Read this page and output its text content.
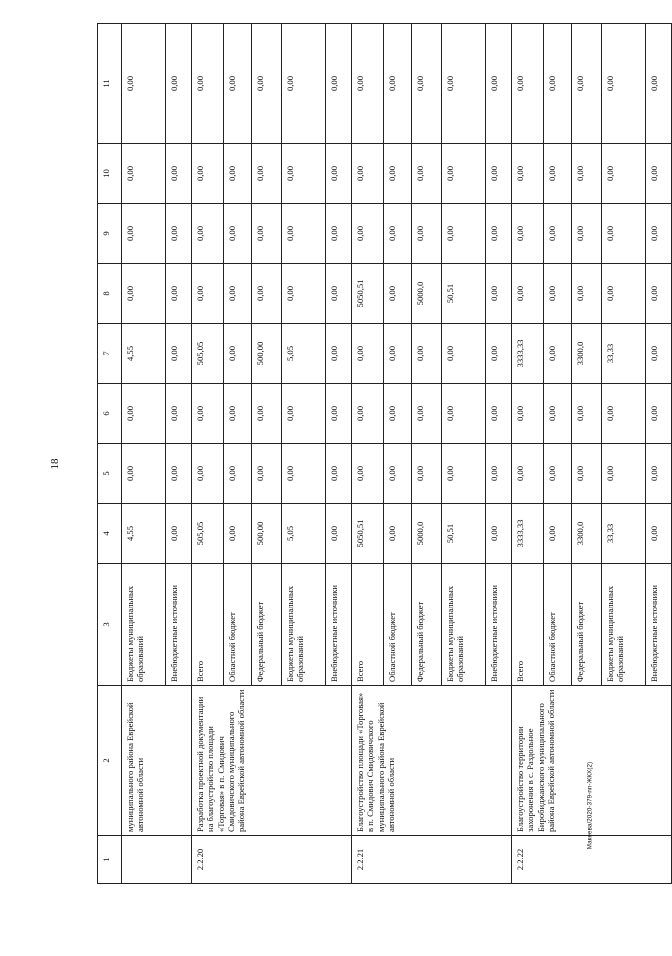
18
1	2	3	4	5	6	7	8	9	10	11
	муниципального района Еврейской автономной области	Бюджеты муниципальных образований	4,55	0,00	0,00	4,55	0,00	0,00	0,00	0,00
		Внебюджетные источники	0,00	0,00	0,00	0,00	0,00	0,00	0,00	0,00
2.2.20	Разработка проектной документации на благоустройство площади «Торговая» в п. Смидович Смидовичского муниципального района Еврейской автономной области	Всего	505,05	0,00	0,00	505,05	0,00	0,00	0,00	0,00
		Областной бюджет	0,00	0,00	0,00	0,00	0,00	0,00	0,00	0,00
		Федеральный бюджет	500,00	0,00	0,00	500,00	0,00	0,00	0,00	0,00
		Бюджеты муниципальных образований	5,05	0,00	0,00	5,05	0,00	0,00	0,00	0,00
		Внебюджетные источники	0,00	0,00	0,00	0,00	0,00	0,00	0,00	0,00
2.2.21	Благоустройство площади «Торговая» в п. Смидович Смидовичского муниципального района Еврейской автономной области	Всего	5050,51	0,00	0,00	0,00	5050,51	0,00	0,00	0,00
		Областной бюджет	0,00	0,00	0,00	0,00	0,00	0,00	0,00	0,00
		Федеральный бюджет	5000,0	0,00	0,00	0,00	5000,0	0,00	0,00	0,00
		Бюджеты муниципальных образований	50,51	0,00	0,00	0,00	50,51	0,00	0,00	0,00
		Внебюджетные источники	0,00	0,00	0,00	0,00	0,00	0,00	0,00	0,00
2.2.22	Благоустройство территории захоронения в с. Раздольное Биробиджанского муниципального района Еврейской автономной области	Всего	3333,33	0,00	0,00	3333,33	0,00	0,00	0,00	0,00
		Областной бюджет	0,00	0,00	0,00	0,00	0,00	0,00	0,00	0,00
		Федеральный бюджет	3300,0	0,00	0,00	3300,0	0,00	0,00	0,00	0,00
		Бюджеты муниципальных образований	33,33	0,00	0,00	33,33	0,00	0,00	0,00	0,00
		Внебюджетные источники	0,00	0,00	0,00	0,00	0,00	0,00	0,00	0,00
Макеева/2020-379-nn-ЖКХ(2)
